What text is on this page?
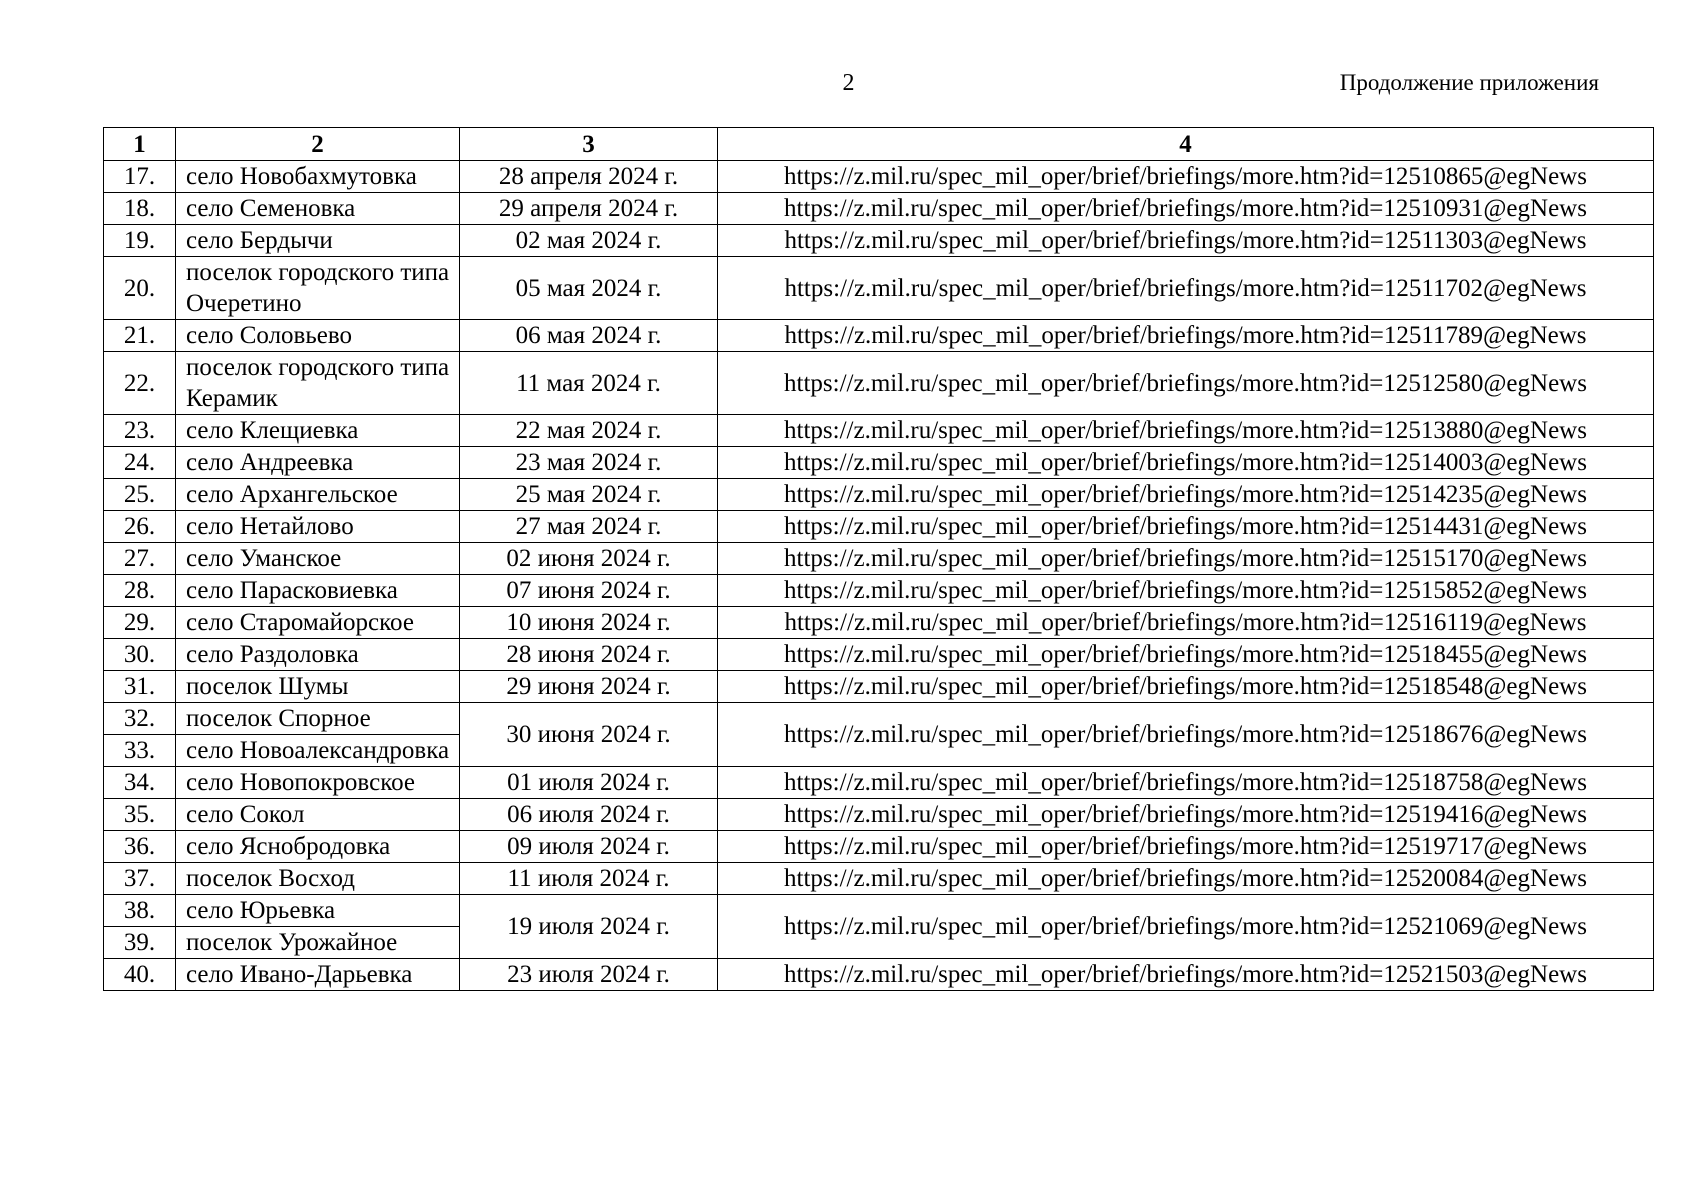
2	Продолжение приложения
1	2	3	4
17.	село Новобахмутовка	28 апреля 2024 г.	https://z.mil.ru/spec_mil_oper/brief/briefings/more.htm?id=12510865@egNews
18.	село Семеновка	29 апреля 2024 г.	https://z.mil.ru/spec_mil_oper/brief/briefings/more.htm?id=12510931@egNews
19.	село Бердычи	02 мая 2024 г.	https://z.mil.ru/spec_mil_oper/brief/briefings/more.htm?id=12511303@egNews
20.	поселок городского типа Очеретино	05 мая 2024 г.	https://z.mil.ru/spec_mil_oper/brief/briefings/more.htm?id=12511702@egNews
21.	село Соловьево	06 мая 2024 г.	https://z.mil.ru/spec_mil_oper/brief/briefings/more.htm?id=12511789@egNews
22.	поселок городского типа Керамик	11 мая 2024 г.	https://z.mil.ru/spec_mil_oper/brief/briefings/more.htm?id=12512580@egNews
23.	село Клещиевка	22 мая 2024 г.	https://z.mil.ru/spec_mil_oper/brief/briefings/more.htm?id=12513880@egNews
24.	село Андреевка	23 мая 2024 г.	https://z.mil.ru/spec_mil_oper/brief/briefings/more.htm?id=12514003@egNews
25.	село Архангельское	25 мая 2024 г.	https://z.mil.ru/spec_mil_oper/brief/briefings/more.htm?id=12514235@egNews
26.	село Нетайлово	27 мая 2024 г.	https://z.mil.ru/spec_mil_oper/brief/briefings/more.htm?id=12514431@egNews
27.	село Уманское	02 июня 2024 г.	https://z.mil.ru/spec_mil_oper/brief/briefings/more.htm?id=12515170@egNews
28.	село Парасковиевка	07 июня 2024 г.	https://z.mil.ru/spec_mil_oper/brief/briefings/more.htm?id=12515852@egNews
29.	село Старомайорское	10 июня 2024 г.	https://z.mil.ru/spec_mil_oper/brief/briefings/more.htm?id=12516119@egNews
30.	село Раздоловка	28 июня 2024 г.	https://z.mil.ru/spec_mil_oper/brief/briefings/more.htm?id=12518455@egNews
31.	поселок Шумы	29 июня 2024 г.	https://z.mil.ru/spec_mil_oper/brief/briefings/more.htm?id=12518548@egNews
32.	поселок Спорное	30 июня 2024 г.	https://z.mil.ru/spec_mil_oper/brief/briefings/more.htm?id=12518676@egNews
33.	село Новоалександровка		
34.	село Новопокровское	01 июля 2024 г.	https://z.mil.ru/spec_mil_oper/brief/briefings/more.htm?id=12518758@egNews
35.	село Сокол	06 июля 2024 г.	https://z.mil.ru/spec_mil_oper/brief/briefings/more.htm?id=12519416@egNews
36.	село Яснобродовка	09 июля 2024 г.	https://z.mil.ru/spec_mil_oper/brief/briefings/more.htm?id=12519717@egNews
37.	поселок Восход	11 июля 2024 г.	https://z.mil.ru/spec_mil_oper/brief/briefings/more.htm?id=12520084@egNews
38.	село Юрьевка	19 июля 2024 г.	https://z.mil.ru/spec_mil_oper/brief/briefings/more.htm?id=12521069@egNews
39.	поселок Урожайное		
40.	село Ивано-Дарьевка	23 июля 2024 г.	https://z.mil.ru/spec_mil_oper/brief/briefings/more.htm?id=12521503@egNews
